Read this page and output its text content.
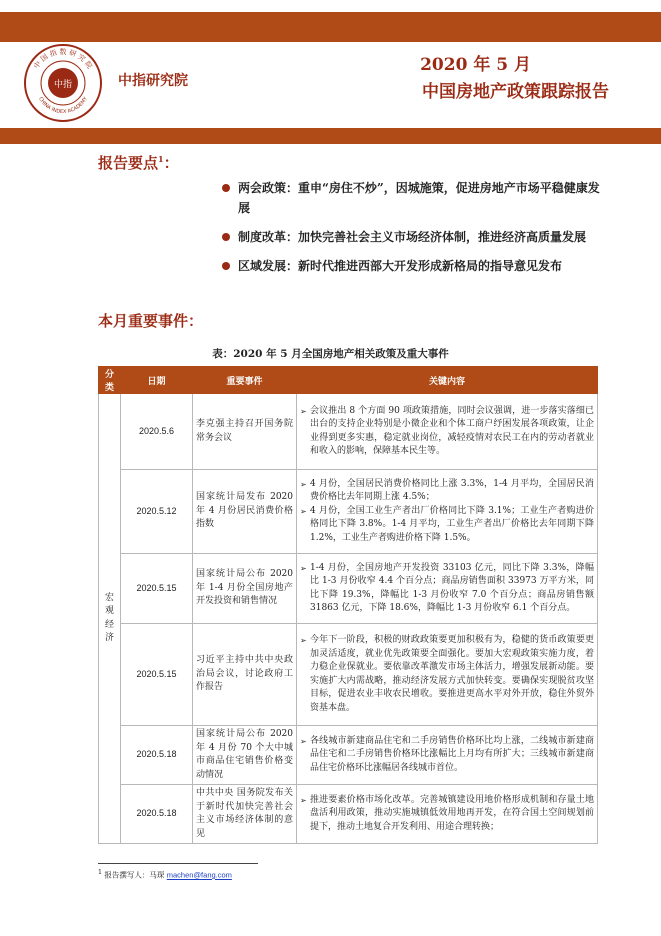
中指
中 国 指 数 研 究 院
CHINA INDEX ACADEMY
中指研究院
2020 年 5 月
中国房地产政策跟踪报告
报告要点$^1$：
两会政策：重申“房住不炒”，因城施策，促进房地产市场平稳健康发展
制度改革：加快完善社会主义市场经济体制，推进经济高质量发展
区域发展：新时代推进西部大开发形成新格局的指导意见发布
本月重要事件：
表：2020 年 5 月全国房地产相关政策及重大事件
分类	日期	重要事件	关键内容
宏观经济	2020.5.6	李克强主持召开国务院常务会议	➢ 会议推出 8 个方面 90 项政策措施，同时会议强调，进一步落实落细已出台的支持企业特别是小微企业和个体工商户纾困发展各项政策，让企业得到更多实惠，稳定就业岗位，减轻疫情对农民工在内的劳动者就业和收入的影响，保障基本民生等。

	2020.5.12	国家统计局发布 2020 年 4 月份居民消费价格指数	➢ 4 月份，全国居民消费价格同比上涨 3.3%，1-4 月平均，全国居民消费价格比去年同期上涨 4.5%；
➢ 4 月份，全国工业生产者出厂价格同比下降 3.1%；工业生产者购进价格同比下降 3.8%。1-4 月平均，工业生产者出厂价格比去年同期下降 1.2%，工业生产者购进价格下降 1.5%。

	2020.5.15	国家统计局公布 2020 年 1-4 月份全国房地产开发投资和销售情况	➢ 1-4 月份，全国房地产开发投资 33103 亿元，同比下降 3.3%，降幅比 1-3 月份收窄 4.4 个百分点；商品房销售面积 33973 万平方米，同比下降 19.3%，降幅比 1-3 月份收窄 7.0 个百分点；商品房销售额 31863 亿元，下降 18.6%，降幅比 1-3 月份收窄 6.1 个百分点。

	2020.5.15	习近平主持中共中央政治局会议，讨论政府工作报告	➢ 今年下一阶段，积极的财政政策要更加积极有为，稳健的货币政策要更加灵活适度，就业优先政策要全面强化。要加大宏观政策实施力度，着力稳企业保就业。要依靠改革激发市场主体活力，增强发展新动能。要实施扩大内需战略，推动经济发展方式加快转变。要确保实现脱贫攻坚目标，促进农业丰收农民增收。要推进更高水平对外开放，稳住外贸外资基本盘。

	2020.5.18	国家统计局公布 2020 年 4 月份 70 个大中城市商品住宅销售价格变动情况	➢ 各线城市新建商品住宅和二手房销售价格环比均上涨，二线城市新建商品住宅和二手房销售价格环比涨幅比上月均有所扩大；三线城市新建商品住宅价格环比涨幅居各线城市首位。

	2020.5.18	中共中央 国务院发布关于新时代加快完善社会主义市场经济体制的意见	➢ 推进要素价格市场化改革。完善城镇建设用地价格形成机制和存量土地盘活利用政策，推动实施城镇低效用地再开发，在符合国土空间规划前提下，推动土地复合开发利用、用途合理转换；
$^1$ 报告撰写人：马琛 machen@fang.com
